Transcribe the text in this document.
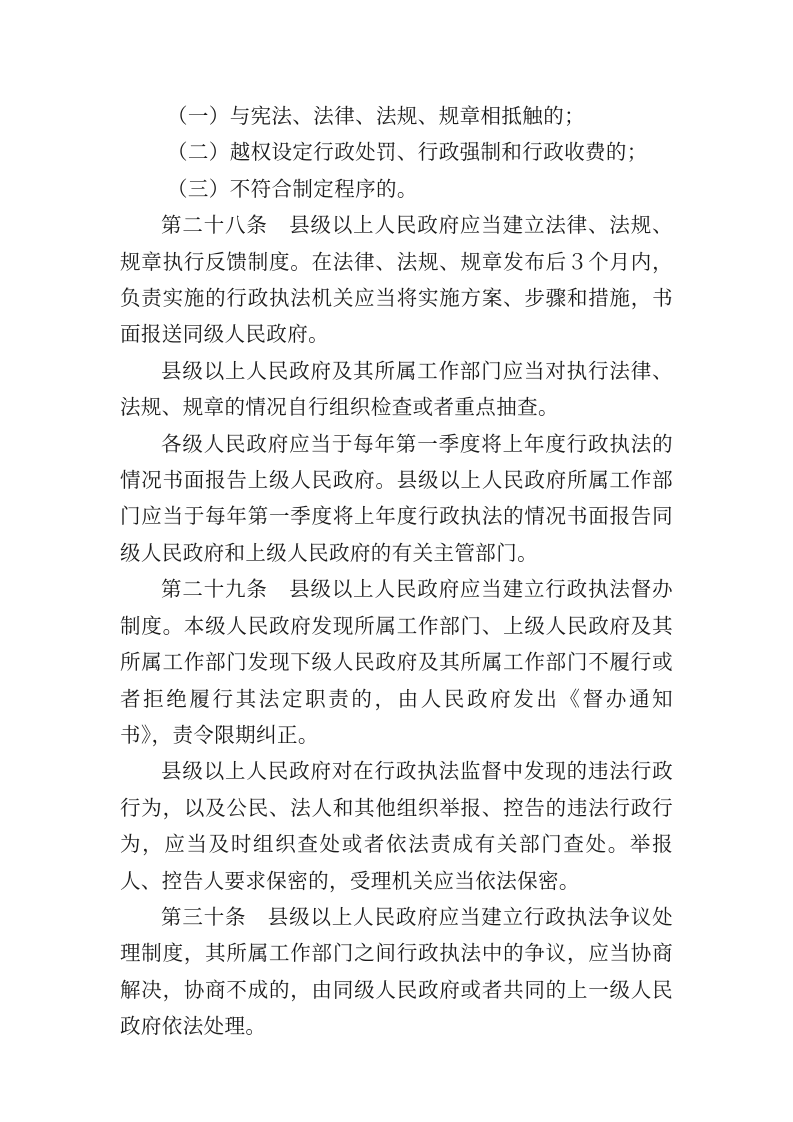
（一）与宪法、法律、法规、规章相抵触的；

（二）越权设定行政处罚、行政强制和行政收费的；

（三）不符合制定程序的。

第二十八条　县级以上人民政府应当建立法律、法规、规章执行反馈制度。在法律、法规、规章发布后３个月内，负责实施的行政执法机关应当将实施方案、步骤和措施，书面报送同级人民政府。

县级以上人民政府及其所属工作部门应当对执行法律、法规、规章的情况自行组织检查或者重点抽查。

各级人民政府应当于每年第一季度将上年度行政执法的情况书面报告上级人民政府。县级以上人民政府所属工作部门应当于每年第一季度将上年度行政执法的情况书面报告同级人民政府和上级人民政府的有关主管部门。

第二十九条　县级以上人民政府应当建立行政执法督办制度。本级人民政府发现所属工作部门、上级人民政府及其所属工作部门发现下级人民政府及其所属工作部门不履行或者拒绝履行其法定职责的，由人民政府发出《督办通知书》，责令限期纠正。

县级以上人民政府对在行政执法监督中发现的违法行政行为，以及公民、法人和其他组织举报、控告的违法行政行为，应当及时组织查处或者依法责成有关部门查处。举报人、控告人要求保密的，受理机关应当依法保密。

第三十条　县级以上人民政府应当建立行政执法争议处理制度，其所属工作部门之间行政执法中的争议，应当协商解决，协商不成的，由同级人民政府或者共同的上一级人民政府依法处理。
